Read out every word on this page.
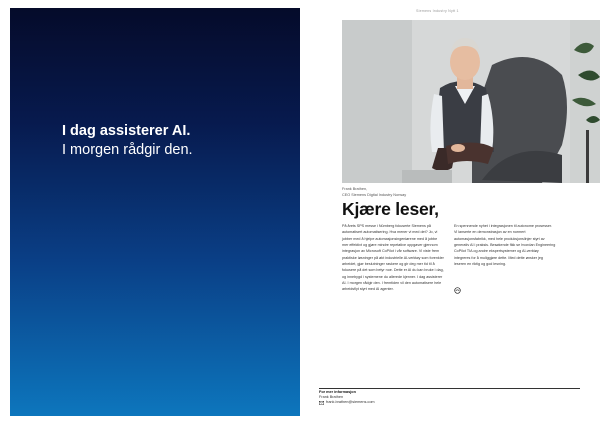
I dag assisterer AI.
I morgen rådgir den.
Siemens Industry Nytt 1
Frank Brathen,
CEO Siemens Digital Industry Norway
Kjære leser,
På årets SPS messe i Nürnberg fokuserte Siemens på automatisert automatisering. Hva mener vi med det? Jo, vi jobber med å hjelpe automasjonsingeniørene med å jobbe mer effektivt og gjøre mindre repetative oppgaver gjennom integrasjon av Microsoft CoPilot i vår software. Vi viste frem praktiske løsninger på økt industrielle AI-verktøy som forenkler arbeidet, gjør beslutninger raskere og gir deg mer tid til å fokusere på det som betyr noe. Dette er AI du kan bruke i dag, og innebygd i systemene du allerede kjenner. I dag assisterer AI. I morgen rådgir den. I fremtiden vil den automatisere hele arbeidsflyt styrt med AI agenter.
En spennende nyhet i integrasjonen til autonome prosesser. Vi lanserte en demonstrasjon av en normert automasjonsfabrikk, med hele produksjonslinjer styrt av generativ AI i praksis. Besøkende fikk se hvordan Engineering CoPilot TIA og andre ekspertsystemer og AI-verktøy integreres for å muliggjøre dette. Med dette ønsker jeg leseren en riktig og god lesning.
For mer informasjon
Frank Brathen
frank.brathen@siemens.com
